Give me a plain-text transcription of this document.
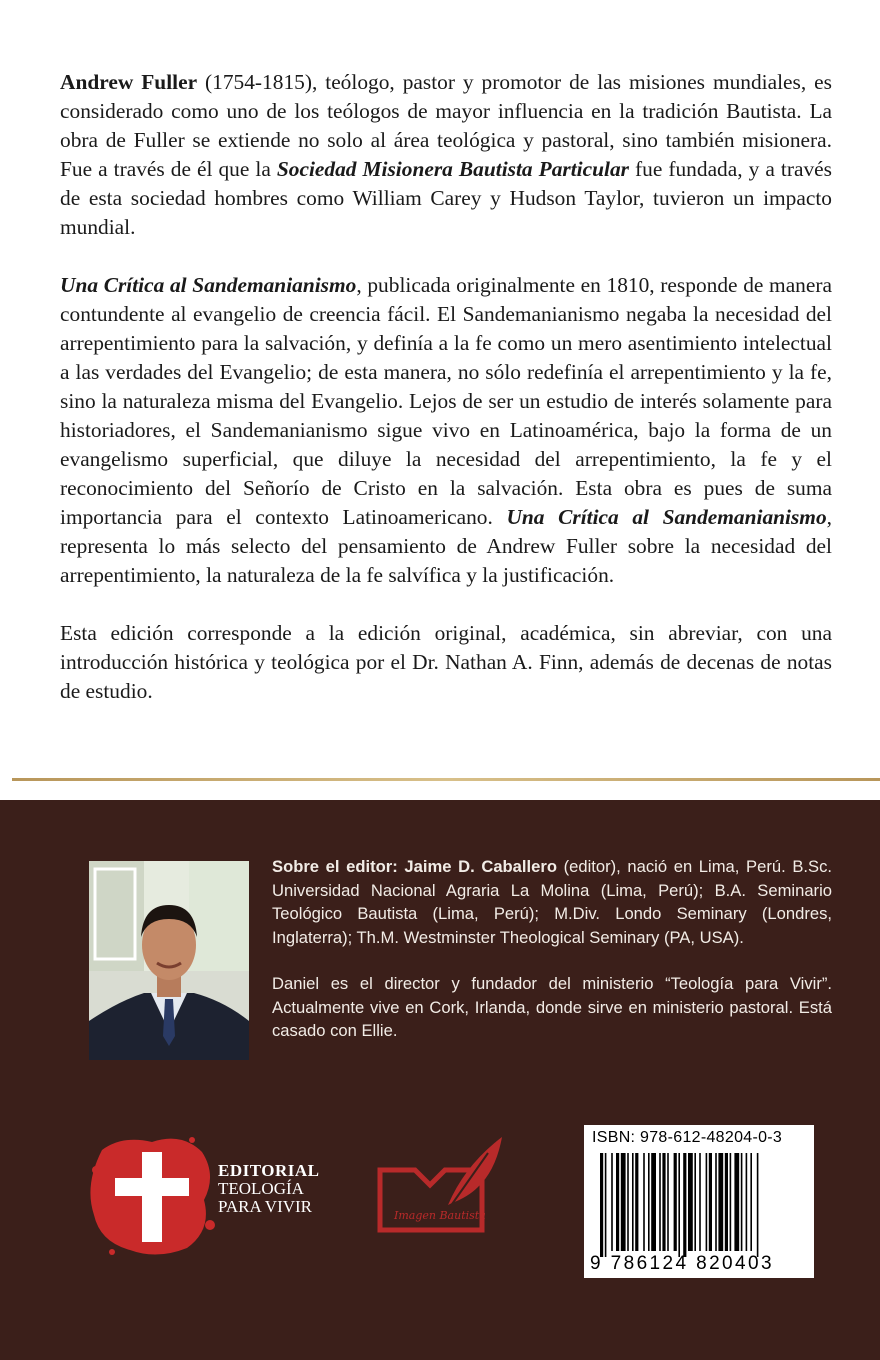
Andrew Fuller (1754-1815), teólogo, pastor y promotor de las misiones mundiales, es considerado como uno de los teólogos de mayor influencia en la tradición Bautista. La obra de Fuller se extiende no solo al área teológica y pastoral, sino también misionera. Fue a través de él que la Sociedad Misionera Bautista Particular fue fundada, y a través de esta sociedad hombres como William Carey y Hudson Taylor, tuvieron un impacto mundial.

Una Crítica al Sandemanianismo, publicada originalmente en 1810, responde de manera contundente al evangelio de creencia fácil. El Sandemanianismo negaba la necesidad del arrepentimiento para la salvación, y definía a la fe como un mero asentimiento intelectual a las verdades del Evangelio; de esta manera, no sólo redefinía el arrepentimiento y la fe, sino la naturaleza misma del Evangelio. Lejos de ser un estudio de interés solamente para historiadores, el Sandemanianismo sigue vivo en Latinoamérica, bajo la forma de un evangelismo superficial, que diluye la necesidad del arrepentimiento, la fe y el reconocimiento del Señorío de Cristo en la salvación. Esta obra es pues de suma importancia para el contexto Latinoamericano. Una Crítica al Sandemanianismo, representa lo más selecto del pensamiento de Andrew Fuller sobre la necesidad del arrepentimiento, la naturaleza de la fe salvífica y la justificación.

Esta edición corresponde a la edición original, académica, sin abreviar, con una introducción histórica y teológica por el Dr. Nathan A. Finn, además de decenas de notas de estudio.

Sobre el editor: Jaime D. Caballero (editor), nació en Lima, Perú. B.Sc. Universidad Nacional Agraria La Molina (Lima, Perú); B.A. Seminario Teológico Bautista (Lima, Perú); M.Div. Londo Seminary (Londres, Inglaterra); Th.M. Westminster Theological Seminary (PA, USA).

Daniel es el director y fundador del ministerio “Teología para Vivir”. Actualmente vive en Cork, Irlanda, donde sirve en ministerio pastoral. Está casado con Ellie.

EDITORIAL
TEOLOGÍA
PARA VIVIR	Imagen Bautista
ISBN: 978-612-48204-0-3
9 786124 820403
